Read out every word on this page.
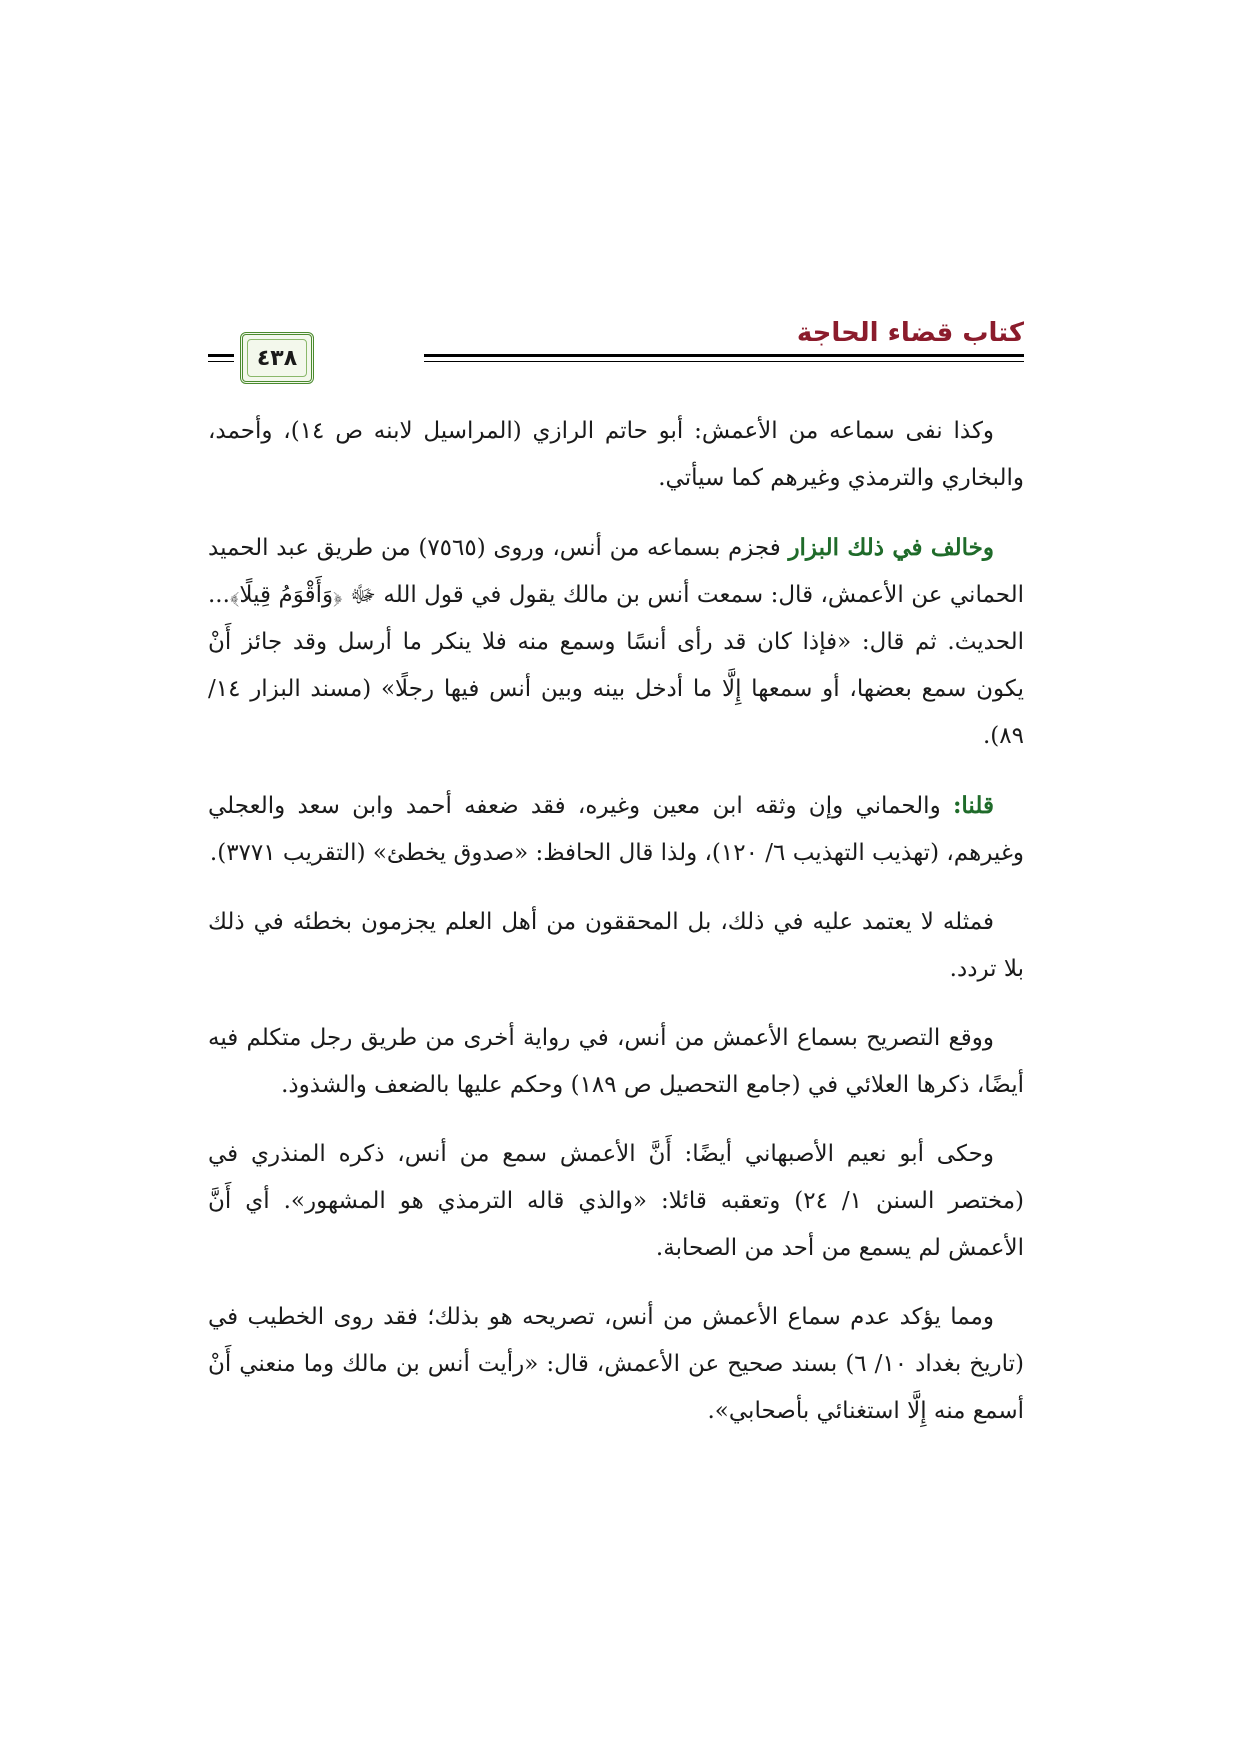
كتاب قضاء الحاجة
٤٣٨

وكذا نفى سماعه من الأعمش: أبو حاتم الرازي (المراسيل لابنه ص ١٤)، وأحمد، والبخاري والترمذي وغيرهم كما سيأتي.

وخالف في ذلك البزار فجزم بسماعه من أنس، وروى (٧٥٦٥) من طريق عبد الحميد الحماني عن الأعمش، قال: سمعت أنس بن مالك يقول في قول الله ﷻ ﴿وَأَقْوَمُ قِيلًا﴾... الحديث. ثم قال: «فإذا كان قد رأى أنسًا وسمع منه فلا ينكر ما أرسل وقد جائز أَنْ يكون سمع بعضها، أو سمعها إِلَّا ما أدخل بينه وبين أنس فيها رجلًا» (مسند البزار ١٤/ ٨٩).

قلنا: والحماني وإن وثقه ابن معين وغيره، فقد ضعفه أحمد وابن سعد والعجلي وغيرهم، (تهذيب التهذيب ٦/ ١٢٠)، ولذا قال الحافظ: «صدوق يخطئ» (التقريب ٣٧٧١).

فمثله لا يعتمد عليه في ذلك، بل المحققون من أهل العلم يجزمون بخطئه في ذلك بلا تردد.

ووقع التصريح بسماع الأعمش من أنس، في رواية أخرى من طريق رجل متكلم فيه أيضًا، ذكرها العلائي في (جامع التحصيل ص ١٨٩) وحكم عليها بالضعف والشذوذ.

وحكى أبو نعيم الأصبهاني أيضًا: أَنَّ الأعمش سمع من أنس، ذكره المنذري في (مختصر السنن ١/ ٢٤) وتعقبه قائلا: «والذي قاله الترمذي هو المشهور». أي أَنَّ الأعمش لم يسمع من أحد من الصحابة.

ومما يؤكد عدم سماع الأعمش من أنس، تصريحه هو بذلك؛ فقد روى الخطيب في (تاريخ بغداد ١٠/ ٦) بسند صحيح عن الأعمش، قال: «رأيت أنس بن مالك وما منعني أَنْ أسمع منه إِلَّا استغنائي بأصحابي».
